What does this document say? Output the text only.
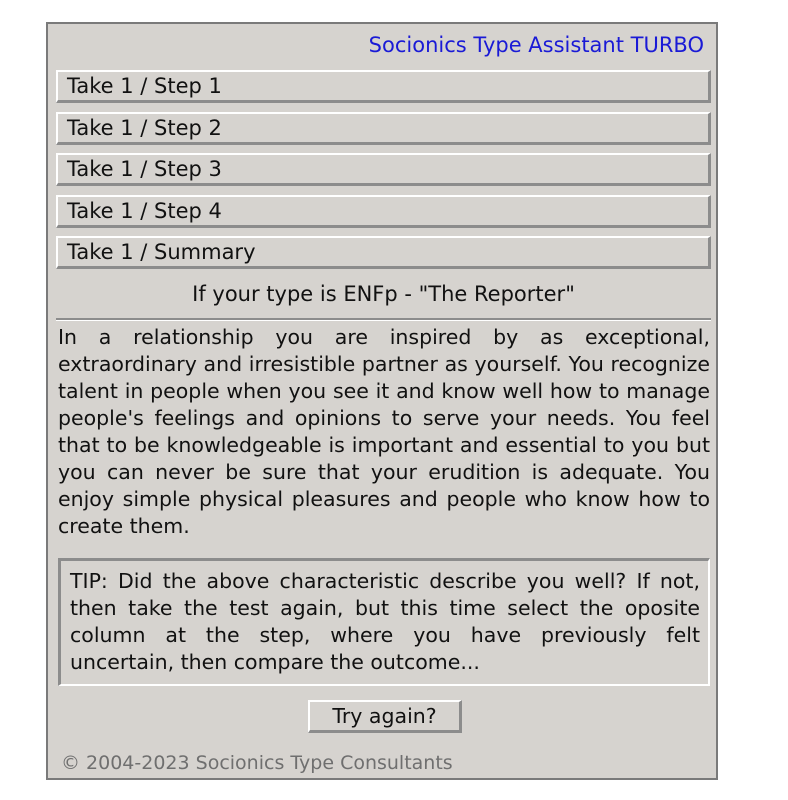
Socionics Type Assistant TURBO
Take 1 / Step 1
Take 1 / Step 2
Take 1 / Step 3
Take 1 / Step 4
Take 1 / Summary
If your type is ENFp - "The Reporter"
In a relationship you are inspired by as exceptional, extraordinary and irresistible partner as yourself. You recognize talent in people when you see it and know well how to manage people's feelings and opinions to serve your needs. You feel that to be knowledgeable is important and essential to you but you can never be sure that your erudition is adequate. You enjoy simple physical pleasures and people who know how to create them.
TIP: Did the above characteristic describe you well? If not, then take the test again, but this time select the oposite column at the step, where you have previously felt uncertain, then compare the outcome...
Try again?
© 2004-2023 Socionics Type Consultants
